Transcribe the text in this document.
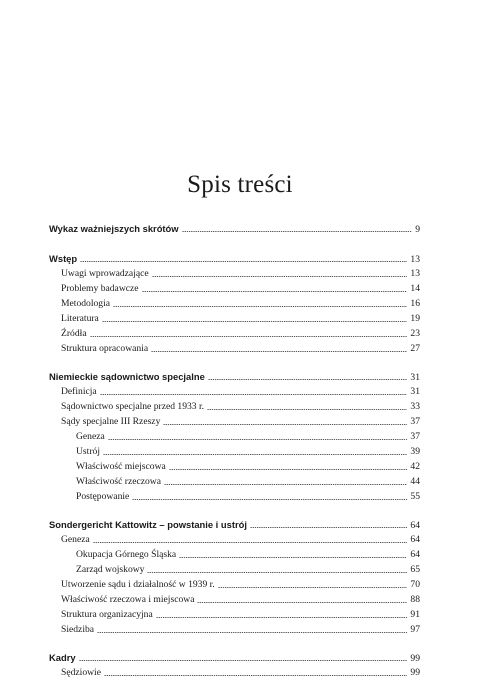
Spis treści
Wykaz ważniejszych skrótów	9
Wstęp	13
Uwagi wprowadzające	13
Problemy badawcze	14
Metodologia	16
Literatura	19
Źródła	23
Struktura opracowania	27
Niemieckie sądownictwo specjalne	31
Definicja	31
Sądownictwo specjalne przed 1933 r.	33
Sądy specjalne III Rzeszy	37
Geneza	37
Ustrój	39
Właściwość miejscowa	42
Właściwość rzeczowa	44
Postępowanie	55
Sondergericht Kattowitz – powstanie i ustrój	64
Geneza	64
Okupacja Górnego Śląska	64
Zarząd wojskowy	65
Utworzenie sądu i działalność w 1939 r.	70
Właściwość rzeczowa i miejscowa	88
Struktura organizacyjna	91
Siedziba	97
Kadry	99
Sędziowie	99
